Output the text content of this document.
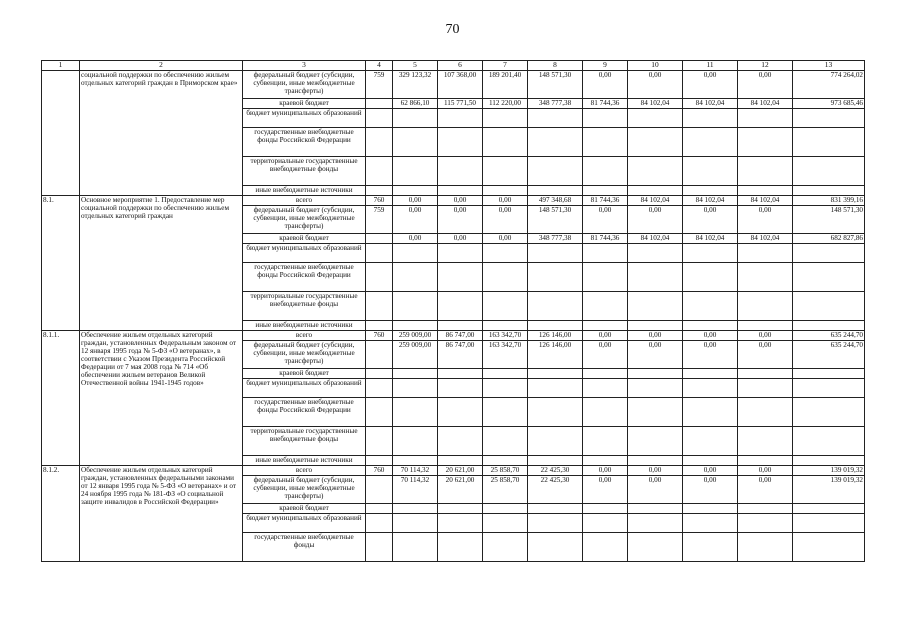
70
1	2	3	4	5	6	7	8	9	10	11	12	13
	социальной поддержки по обеспечению жильем отдельных категорий граждан в Приморском крае»	федеральный бюджет (субсидии, субвенции, иные межбюджетные трансферты)	759	329 123,32	107 368,00	189 201,40	148 571,30	0,00	0,00	0,00	0,00	774 264,02
		краевой бюджет		62 866,10	115 771,50	112 220,00	348 777,38	81 744,36	84 102,04	84 102,04	84 102,04	973 685,46
		бюджет муниципальных образований										
		государственные внебюджетные фонды Российской Федерации										
		территориальные государственные внебюджетные фонды										
		иные внебюджетные источники										
8.1.	Основное мероприятие 1. Предоставление мер социальной поддержки по обеспечению жильем отдельных категорий граждан	всего	760	0,00	0,00	0,00	497 348,68	81 744,36	84 102,04	84 102,04	84 102,04	831 399,16
		федеральный бюджет (субсидии, субвенции, иные межбюджетные трансферты)	759	0,00	0,00	0,00	148 571,30	0,00	0,00	0,00	0,00	148 571,30
		краевой бюджет		0,00	0,00	0,00	348 777,38	81 744,36	84 102,04	84 102,04	84 102,04	682 827,86
		бюджет муниципальных образований										
		государственные внебюджетные фонды Российской Федерации										
		территориальные государственные внебюджетные фонды										
		иные внебюджетные источники										
8.1.1.	Обеспечение жильем отдельных категорий граждан, установленных Федеральным законом от 12 января 1995 года № 5-ФЗ «О ветеранах», в соответствии с Указом Президента Российской Федерации от 7 мая 2008 года № 714 «Об обеспечении жильем ветеранов Великой Отечественной войны 1941-1945 годов»	всего	760	259 009,00	86 747,00	163 342,70	126 146,00	0,00	0,00	0,00	0,00	635 244,70
		федеральный бюджет (субсидии, субвенции, иные межбюджетные трансферты)		259 009,00	86 747,00	163 342,70	126 146,00	0,00	0,00	0,00	0,00	635 244,70
		краевой бюджет										
		бюджет муниципальных образований										
		государственные внебюджетные фонды Российской Федерации										
		территориальные государственные внебюджетные фонды										
		иные внебюджетные источники										
8.1.2.	Обеспечение жильем отдельных категорий граждан, установленных федеральными законами от 12 января 1995 года № 5-ФЗ «О ветеранах» и от 24 ноября 1995 года № 181-ФЗ «О социальной защите инвалидов в Российской Федерации»	всего	760	70 114,32	20 621,00	25 858,70	22 425,30	0,00	0,00	0,00	0,00	139 019,32
		федеральный бюджет (субсидии, субвенции, иные межбюджетные трансферты)		70 114,32	20 621,00	25 858,70	22 425,30	0,00	0,00	0,00	0,00	139 019,32
		краевой бюджет										
		бюджет муниципальных образований										
		государственные внебюджетные фонды										
